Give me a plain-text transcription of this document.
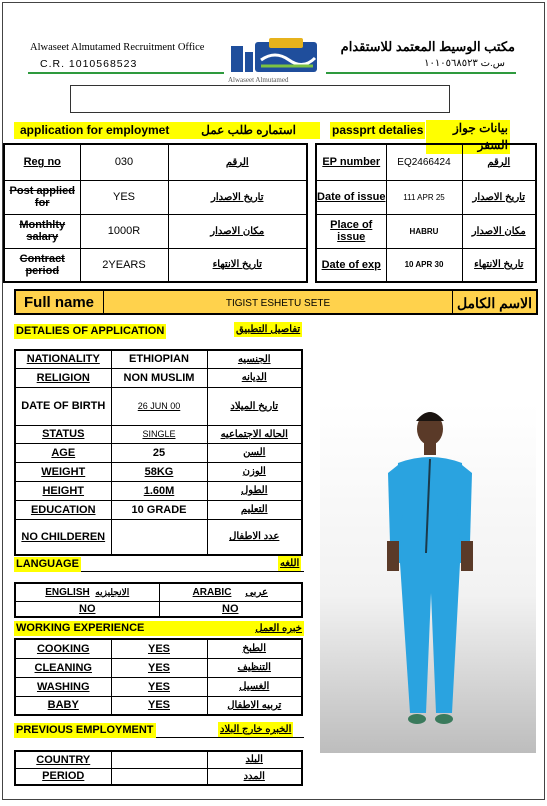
Alwaseet Almutamed Recruitment Office
C.R. 1010568523
مكتب الوسيط المعتمد للاستقدام
س.ت ١٠١٠٥٦٨٥٢٣
Alwaseet Almutamed
application for employmet	استماره طلب عمل	passprt detalies	بيانات جواز السفر
Reg no	030	الرقم
Post applied for	YES	تاريخ الاصدار
Monthlty salary	1000R	مكان الاصدار
Contract period	2YEARS	تاريخ الانتهاء
EP number	EQ2466424	الرقم
Date of issue	111 APR 25	تاريخ الاصدار
Place of issue	HABRU	مكان الاصدار
Date of exp	10 APR 30	تاريخ الانتهاء
Full name	TIGIST ESHETU SETE	الاسم الكامل
DETALIES OF APPLICATION	تفاصيل التطبيق
NATIONALITY	ETHIOPIAN	الجنسيه
RELIGION	NON MUSLIM	الديانه
DATE OF BIRTH	26 JUN 00	تاريخ الميلاد
STATUS	SINGLE	الحاله الاجتماعيه
AGE	25	السن
WEIGHT	58KG	الوزن
HEIGHT	1.60M	الطول
EDUCATION	10 GRADE	التعليم
NO CHILDEREN		عدد الاطفال
LANGUAGE	اللغه
ENGLISH الانجليزيه	ARABIC عربى
NO	NO
WORKING EXPERIENCE	خبره العمل
COOKING	YES	الطبخ
CLEANING	YES	التنظيف
WASHING	YES	الغسيل
BABY	YES	تربيه الاطفال
PREVIOUS EMPLOYMENT	الخبره خارج البلاد
COUNTRY		البلد
PERIOD		المدد
